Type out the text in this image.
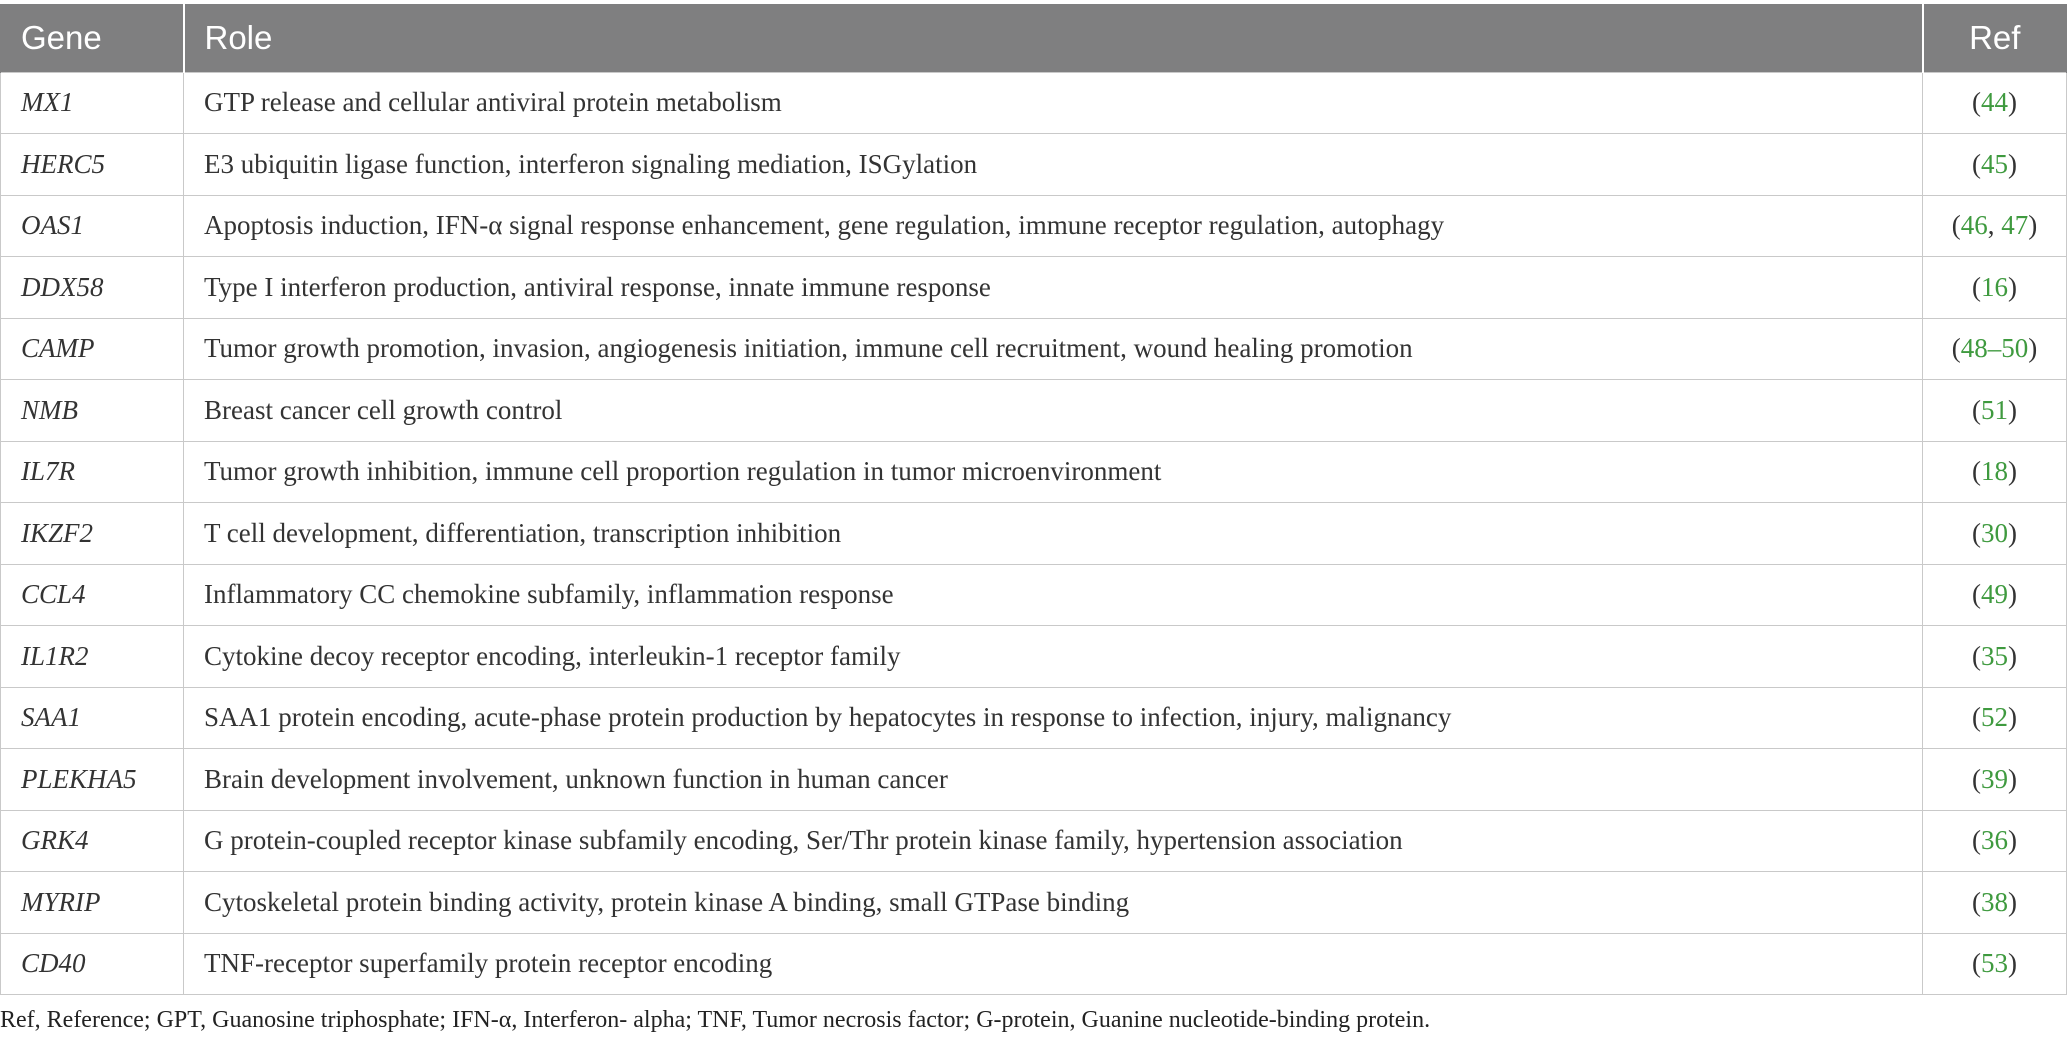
Gene	Role	Ref
MX1	GTP release and cellular antiviral protein metabolism	(44)
HERC5	E3 ubiquitin ligase function, interferon signaling mediation, ISGylation	(45)
OAS1	Apoptosis induction, IFN-α signal response enhancement, gene regulation, immune receptor regulation, autophagy	(46, 47)
DDX58	Type I interferon production, antiviral response, innate immune response	(16)
CAMP	Tumor growth promotion, invasion, angiogenesis initiation, immune cell recruitment, wound healing promotion	(48–50)
NMB	Breast cancer cell growth control	(51)
IL7R	Tumor growth inhibition, immune cell proportion regulation in tumor microenvironment	(18)
IKZF2	T cell development, differentiation, transcription inhibition	(30)
CCL4	Inflammatory CC chemokine subfamily, inflammation response	(49)
IL1R2	Cytokine decoy receptor encoding, interleukin-1 receptor family	(35)
SAA1	SAA1 protein encoding, acute-phase protein production by hepatocytes in response to infection, injury, malignancy	(52)
PLEKHA5	Brain development involvement, unknown function in human cancer	(39)
GRK4	G protein-coupled receptor kinase subfamily encoding, Ser/Thr protein kinase family, hypertension association	(36)
MYRIP	Cytoskeletal protein binding activity, protein kinase A binding, small GTPase binding	(38)
CD40	TNF-receptor superfamily protein receptor encoding	(53)
Ref, Reference; GPT, Guanosine triphosphate; IFN-α, Interferon- alpha; TNF, Tumor necrosis factor; G-protein, Guanine nucleotide-binding protein.
